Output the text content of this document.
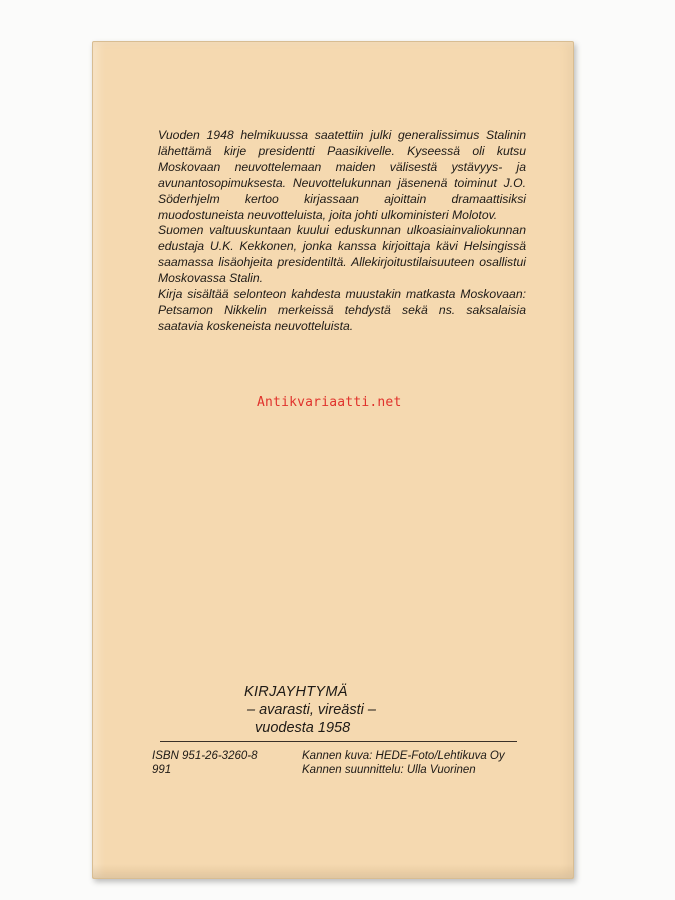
Vuoden 1948 helmikuussa saatettiin julki generalissimus Stalinin lähettämä kirje presidentti Paasikivelle. Kyseessä oli kutsu Moskovaan neuvottelemaan maiden välisestä ystävyys- ja avunantosopimuksesta. Neuvottelukunnan jäsenenä toiminut J.O. Söderhjelm kertoo kirjassaan ajoittain dramaattisiksi muodostuneista neuvotteluista, joita johti ulkoministeri Molotov.

Suomen valtuuskuntaan kuului eduskunnan ulkoasiainvaliokunnan edustaja U.K. Kekkonen, jonka kanssa kirjoittaja kävi Helsingissä saamassa lisäohjeita presidentiltä. Allekirjoitustilaisuuteen osallistui Moskovassa Stalin.

Kirja sisältää selonteon kahdesta muustakin matkasta Moskovaan: Petsamon Nikkelin merkeissä tehdystä sekä ns. saksalaisia saatavia koskeneista neuvotteluista.

Antikvariaatti.net
KIRJAYHTYMÄ
– avarasti, vireästi –
vuodesta 1958
ISBN 951-26-3260-8
991
Kannen kuva: HEDE-Foto/Lehtikuva Oy
Kannen suunnittelu: Ulla Vuorinen
